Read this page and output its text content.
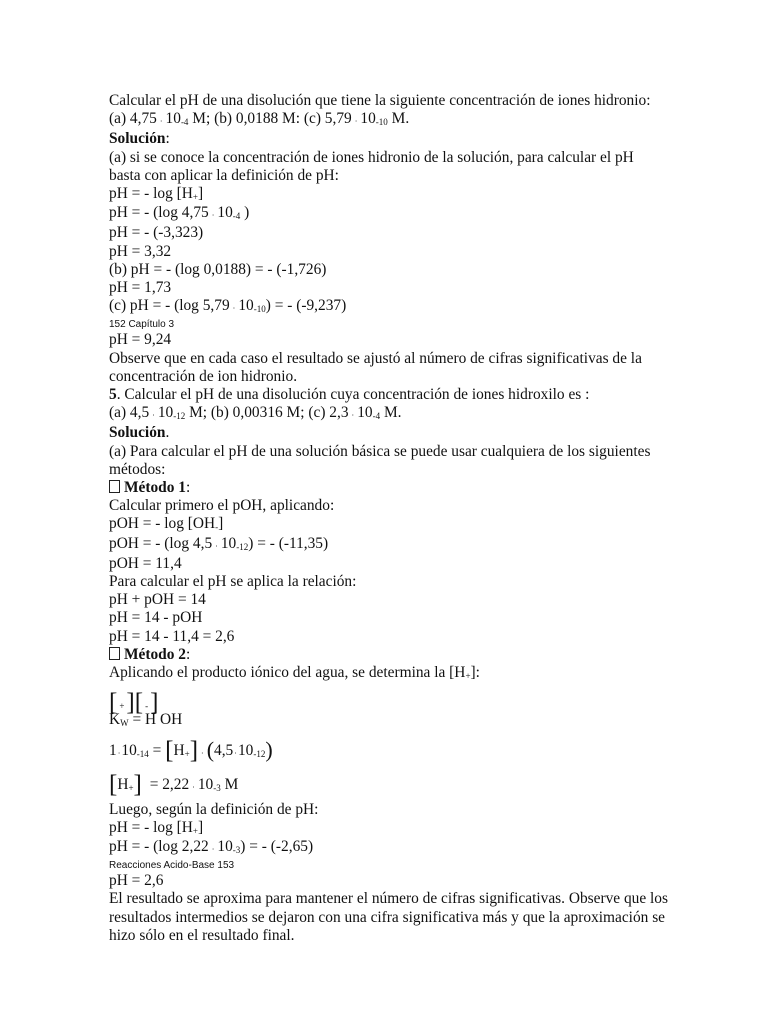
Calcular el pH de una disolución que tiene la siguiente concentración de iones hidronio:
(a) 4,75 · 10-4 M; (b) 0,0188 M: (c) 5,79 · 10-10 M.
Solución:
(a) si se conoce la concentración de iones hidronio de la solución, para calcular el pH basta con aplicar la definición de pH:
pH = - log [H+]
pH = - (log 4,75 · 10-4 )
pH = - (-3,323)
pH = 3,32
(b) pH = - (log 0,0188) = - (-1,726)
pH = 1,73
(c) pH = - (log 5,79 · 10-10) = - (-9,237)
152 Capítulo 3
pH = 9,24
Observe que en cada caso el resultado se ajustó al número de cifras significativas de la concentración de ion hidronio.
5. Calcular el pH de una disolución cuya concentración de iones hidroxilo es :
(a) 4,5 · 10-12 M; (b) 0,00316 M; (c) 2,3 · 10-4 M.
Solución.
(a) Para calcular el pH de una solución básica se puede usar cualquiera de los siguientes métodos:
Método 1:
Calcular primero el pOH, aplicando:
pOH = - log [OH-]
pOH = - (log 4,5 · 10-12) = - (-11,35)
pOH = 11,4
Para calcular el pH se aplica la relación:
pH + pOH = 14
pH = 14 - pOH
pH = 14 - 11,4 = 2,6
Método 2:
Aplicando el producto iónico del agua, se determina la [H+]:
[ +][ -]
KW = H OH
1·10-14 = [H+] · (4,5·10-12)
[H+] = 2,22 · 10-3 M
Luego, según la definición de pH:
pH = - log [H+]
pH = - (log 2,22 · 10-3) = - (-2,65)
Reacciones Acido-Base 153
pH = 2,6
El resultado se aproxima para mantener el número de cifras significativas. Observe que los resultados intermedios se dejaron con una cifra significativa más y que la aproximación se hizo sólo en el resultado final.
